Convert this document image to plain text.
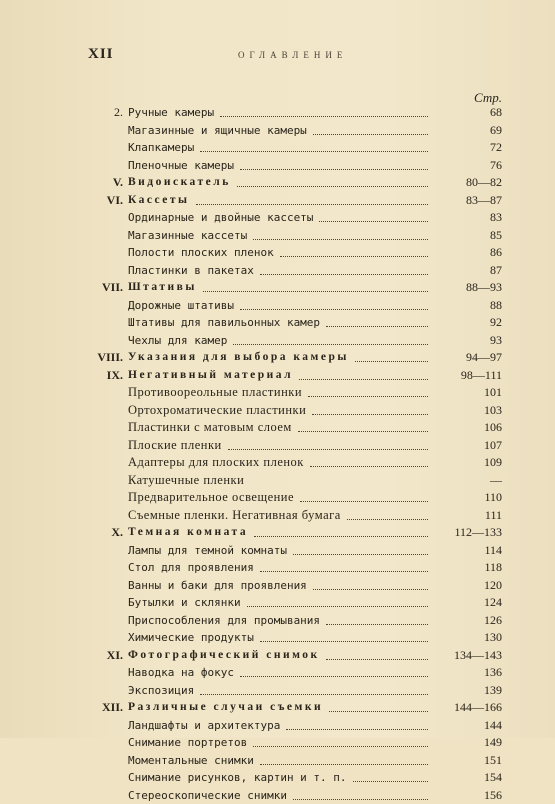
XII	ОГЛАВЛЕНИЕ
Стр.
2. Ручные камеры	68
Магазинные и ящичные камеры	69
Клапкамеры	72
Пленочные камеры	76
V. Видоискатель	80—82
VI. Кассеты	83—87
Ординарные и двойные кассеты	83
Магазинные кассеты	85
Полости плоских пленок	86
Пластинки в пакетах	87
VII. Штативы	88—93
Дорожные штативы	88
Штативы для павильонных камер	92
Чехлы для камер	93
VIII. Указания для выбора камеры	94—97
IX. Негативный материал	98—111
Противоореольные пластинки	101
Ортохроматические пластинки	103
Пластинки с матовым слоем	106
Плоские пленки	107
Адаптеры для плоских пленок	109
Катушечные пленки	—
Предварительное освещение	110
Съемные пленки. Негативная бумага	111
X. Темная комната	112—133
Лампы для темной комнаты	114
Стол для проявления	118
Ванны и баки для проявления	120
Бутылки и склянки	124
Приспособления для промывания	126
Химические продукты	130
XI. Фотографический снимок	134—143
Наводка на фокус	136
Экспозиция	139
XII. Различные случаи съемки	144—166
Ландшафты и архитектура	144
Снимание портретов	149
Моментальные снимки	151
Снимание рисунков, картин и т. п.	154
Стереоскопические снимки	156
